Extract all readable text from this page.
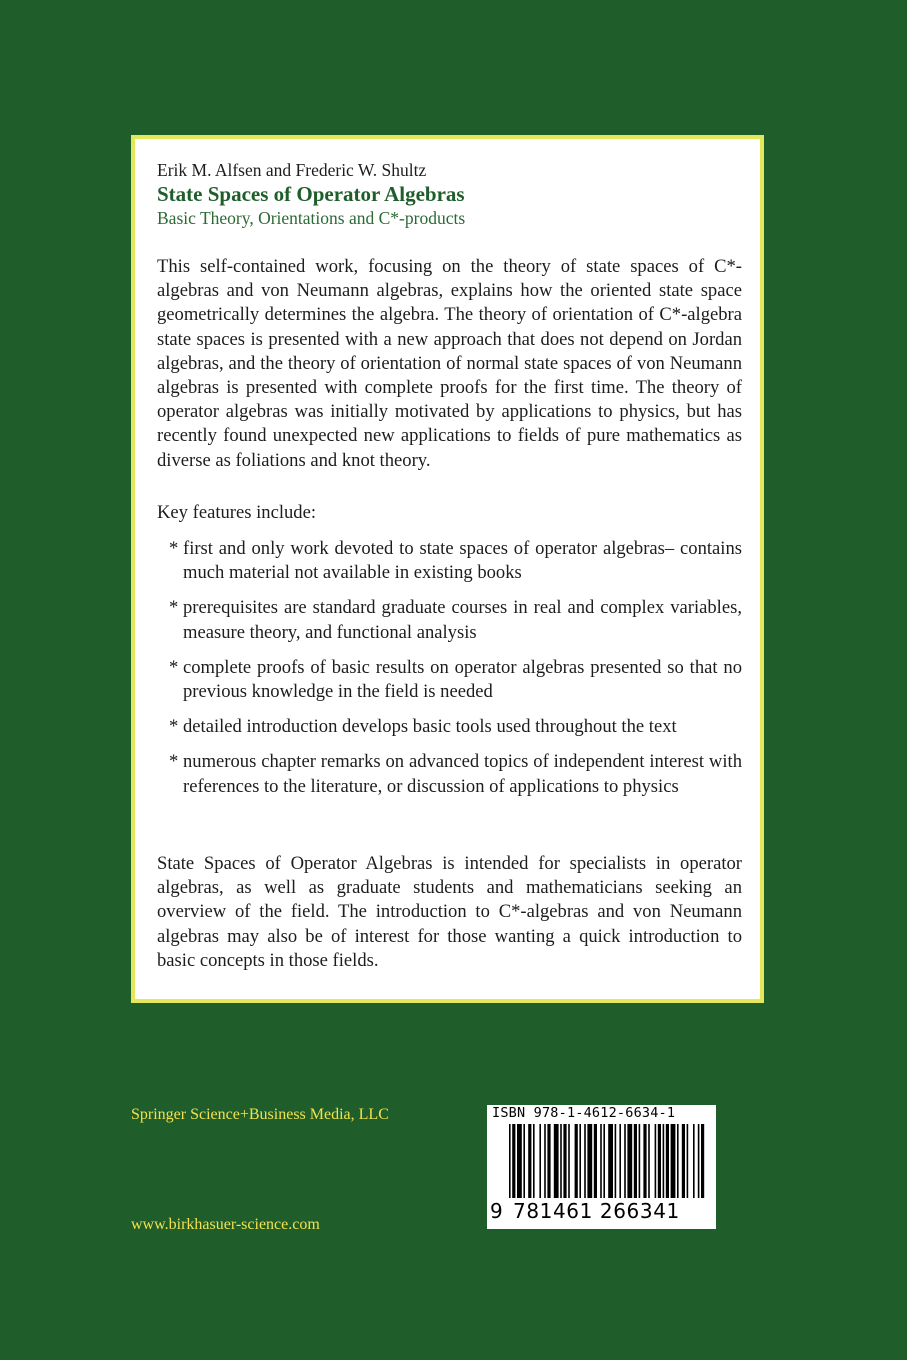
Erik M. Alfsen and Frederic W. Shultz
State Spaces of Operator Algebras
Basic Theory, Orientations and C*-products

This self-contained work, focusing on the theory of state spaces of C*-algebras and von Neumann algebras, explains how the oriented state space geometrically determines the algebra. The theory of orientation of C*-algebra state spaces is presented with a new approach that does not depend on Jordan algebras, and the theory of orientation of normal state spaces of von Neumann algebras is presented with complete proofs for the first time. The theory of operator algebras was initially motivated by applications to physics, but has recently found unexpected new applications to fields of pure mathematics as diverse as foliations and knot theory.

Key features include:

* first and only work devoted to state spaces of operator algebras– contains much material not available in existing books
* prerequisites are standard graduate courses in real and complex variables, measure theory, and functional analysis
* complete proofs of basic results on operator algebras presented so that no previous knowledge in the field is needed
* detailed introduction develops basic tools used throughout the text
* numerous chapter remarks on advanced topics of independent interest with references to the literature, or discussion of applications to physics

State Spaces of Operator Algebras is intended for specialists in operator algebras, as well as graduate students and mathematicians seeking an overview of the field. The introduction to C*-algebras and von Neumann algebras may also be of interest for those wanting a quick introduction to basic concepts in those fields.

Springer Science+Business Media, LLC
www.birkhasuer-science.com
ISBN 978-1-4612-6634-1
9 781461 266341
